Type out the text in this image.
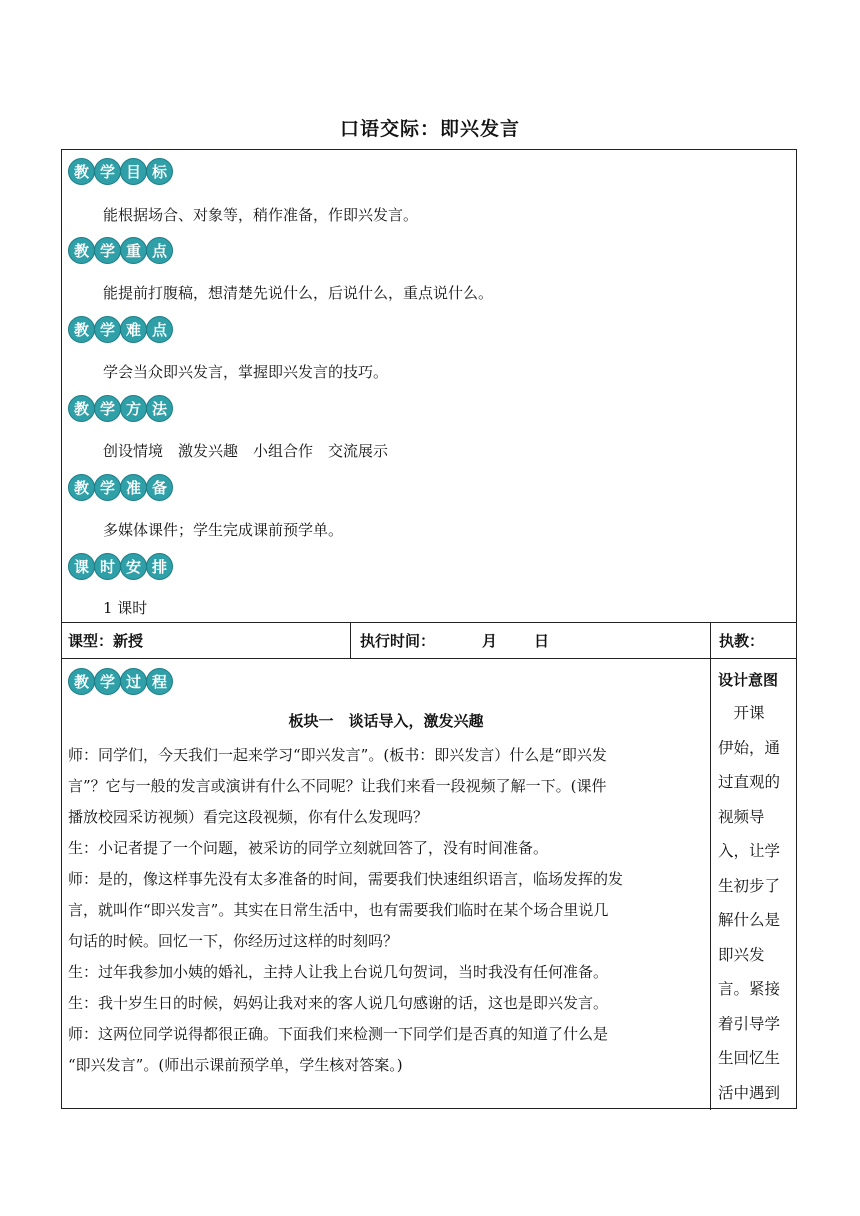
口语交际：即兴发言
教 学 目 标
能根据场合、对象等，稍作准备，作即兴发言。
教 学 重 点
能提前打腹稿，想清楚先说什么，后说什么，重点说什么。
教 学 难 点
学会当众即兴发言，掌握即兴发言的技巧。
教 学 方 法
创设情境　激发兴趣　小组合作　交流展示
教 学 准 备
多媒体课件；学生完成课前预学单。
课 时 安 排
1 课时
课型：新授	执行时间：	月 日	执教：
教 学 过 程
板块一　谈话导入，激发兴趣

师：同学们，今天我们一起来学习“即兴发言”。(板书：即兴发言）什么是“即兴发

言”？它与一般的发言或演讲有什么不同呢？让我们来看一段视频了解一下。(课件

播放校园采访视频）看完这段视频，你有什么发现吗？

生：小记者提了一个问题，被采访的同学立刻就回答了，没有时间准备。

师：是的，像这样事先没有太多准备的时间，需要我们快速组织语言，临场发挥的发

言，就叫作“即兴发言”。其实在日常生活中，也有需要我们临时在某个场合里说几

句话的时候。回忆一下，你经历过这样的时刻吗？

生：过年我参加小姨的婚礼，主持人让我上台说几句贺词，当时我没有任何准备。

生：我十岁生日的时候，妈妈让我对来的客人说几句感谢的话，这也是即兴发言。

师：这两位同学说得都很正确。下面我们来检测一下同学们是否真的知道了什么是

“即兴发言”。(师出示课前预学单，学生核对答案。)

设计意图
　开课
伊始，通
过直观的
视频导
入，让学
生初步了
解什么是
即兴发
言。紧接
着引导学
生回忆生
活中遇到
